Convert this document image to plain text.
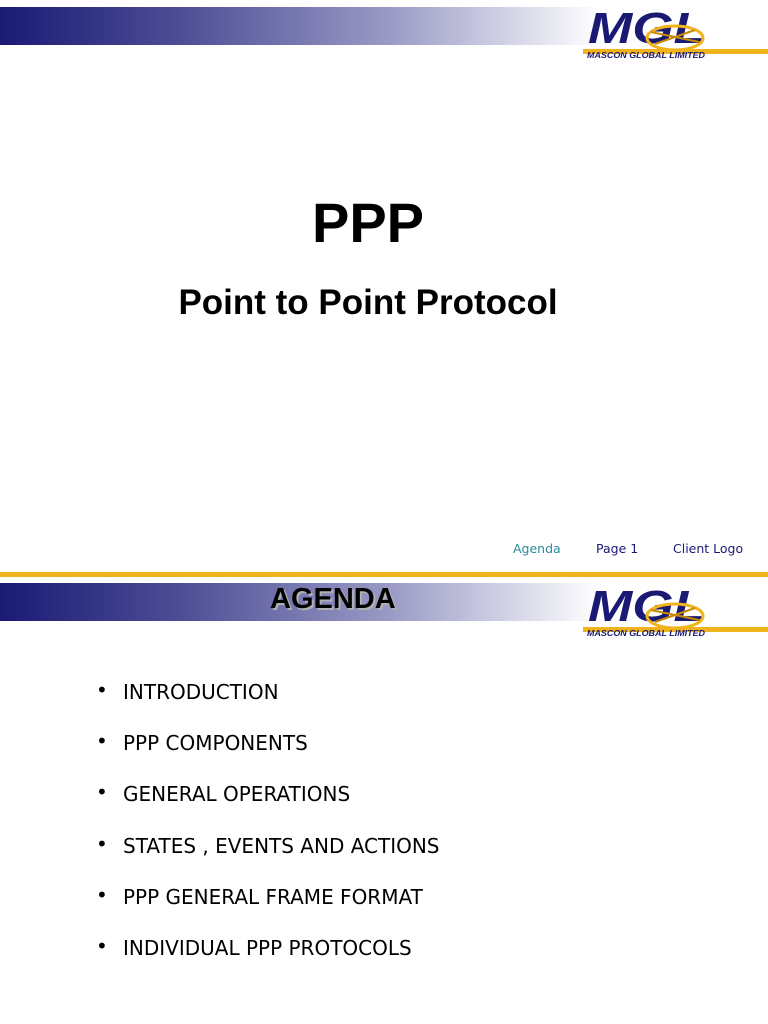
MGL
MASCON GLOBAL LIMITED
PPP
Point to Point Protocol
Agenda	Page 1	Client Logo
MGL
MASCON GLOBAL LIMITED
AGENDA
• INTRODUCTION
• PPP COMPONENTS
• GENERAL OPERATIONS
• STATES , EVENTS AND ACTIONS
• PPP GENERAL FRAME FORMAT
• INDIVIDUAL PPP PROTOCOLS
